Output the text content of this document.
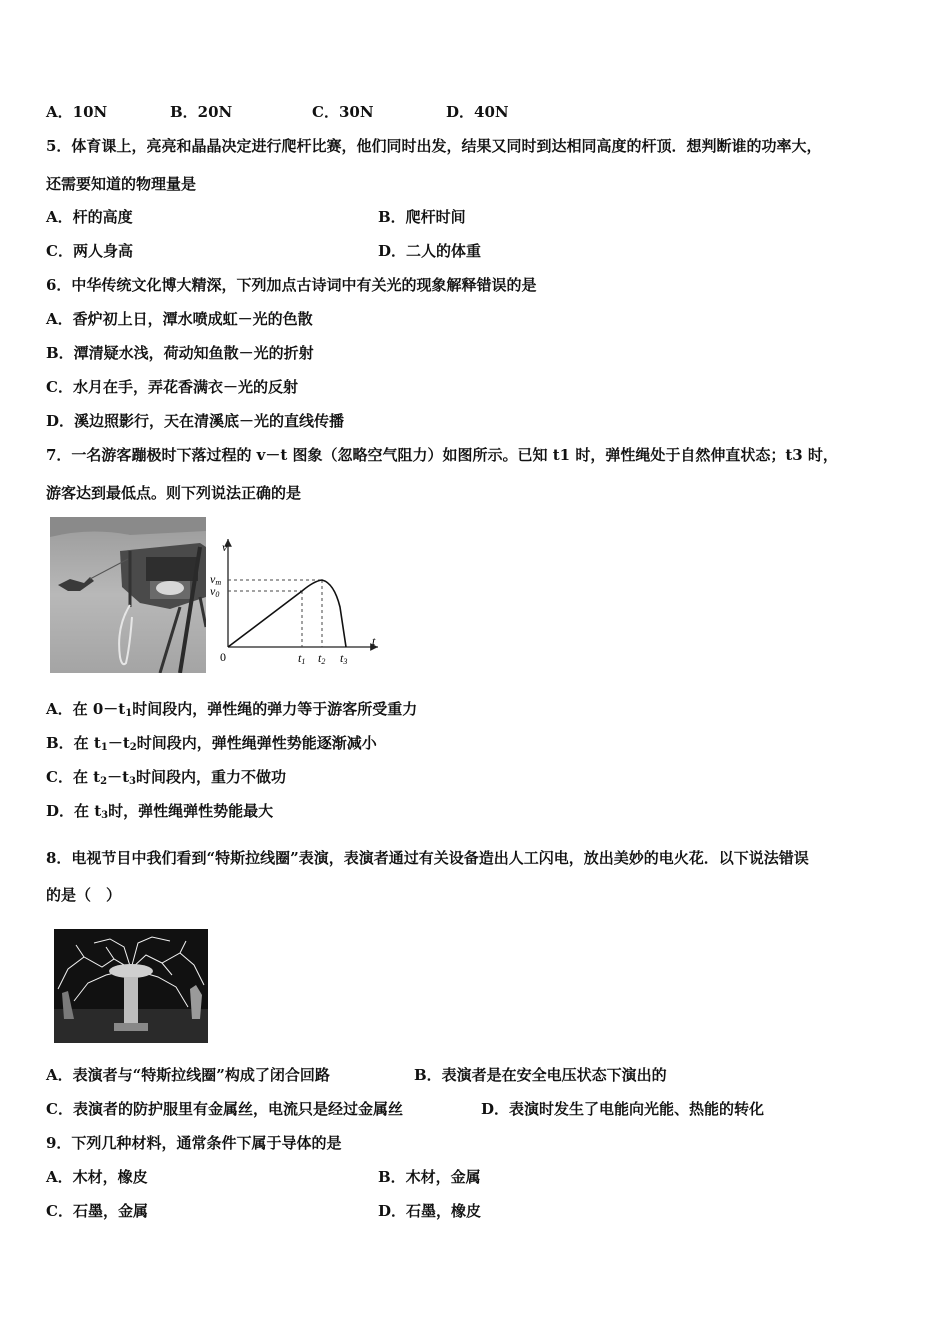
A．10N	B．20N	C．30N	D．40N
5．体育课上，亮亮和晶晶决定进行爬杆比赛，他们同时出发，结果又同时到达相同高度的杆顶．想判断谁的功率大，
还需要知道的物理量是
A．杆的高度	B．爬杆时间
C．两人身高	D．二人的体重
6．中华传统文化博大精深，下列加点古诗词中有关光的现象解释错误的是
A．香炉初上日，潭水喷成虹－光的色散
B．潭清疑水浅，荷动知鱼散－光的折射
C．水月在手，弄花香满衣－光的反射
D．溪边照影行，天在清溪底－光的直线传播
7．一名游客蹦极时下落过程的 v－t 图象（忽略空气阻力）如图所示。已知 t1 时，弹性绳处于自然伸直状态；t3 时，
游客达到最低点。则下列说法正确的是
v
t
0
vm
v0
t1 t2 t3
A．在 $0-t_1$时间段内，弹性绳的弹力等于游客所受重力
B．在 $t_1-t_2$时间段内，弹性绳弹性势能逐渐减小
C．在 $t_2-t_3$时间段内，重力不做功
D．在 $t_3$时，弹性绳弹性势能最大
8．电视节目中我们看到“特斯拉线圈”表演，表演者通过有关设备造出人工闪电，放出美妙的电火花．以下说法错误
的是（　）
A．表演者与“特斯拉线圈”构成了闭合回路	B．表演者是在安全电压状态下演出的
C．表演者的防护服里有金属丝，电流只是经过金属丝	D．表演时发生了电能向光能、热能的转化
9．下列几种材料，通常条件下属于导体的是
A．木材，橡皮	B．木材，金属
C．石墨，金属	D．石墨，橡皮
